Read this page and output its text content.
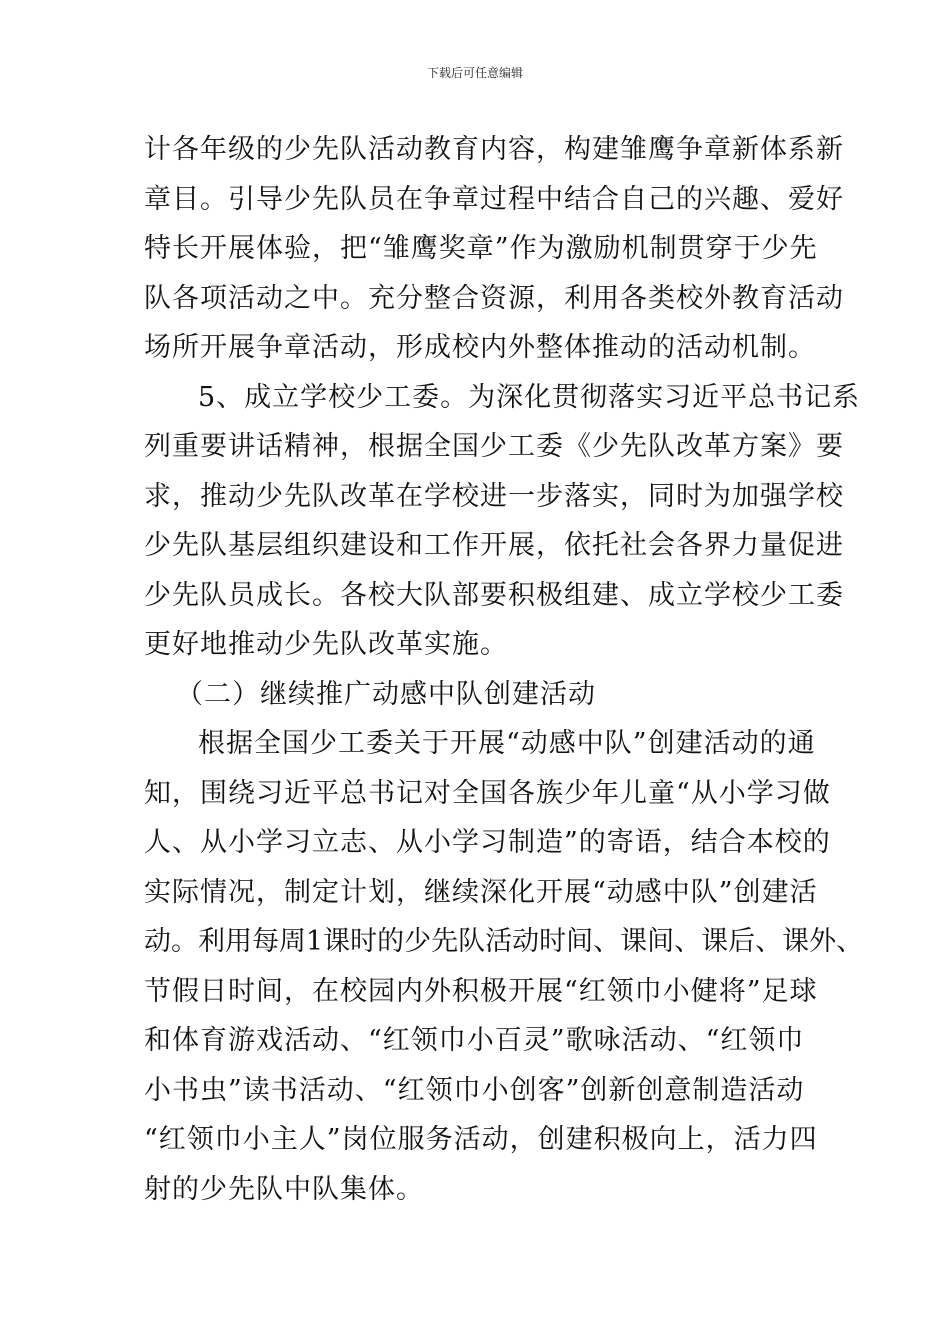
下载后可任意编辑
计各年级的少先队活动教育内容，构建雏鹰争章新体系新
章目。引导少先队员在争章过程中结合自己的兴趣、爱好
特长开展体验，把“雏鹰奖章”作为激励机制贯穿于少先
队各项活动之中。充分整合资源，利用各类校外教育活动
场所开展争章活动，形成校内外整体推动的活动机制。
5、成立学校少工委。为深化贯彻落实习近平总书记系
列重要讲话精神，根据全国少工委《少先队改革方案》要
求，推动少先队改革在学校进一步落实，同时为加强学校
少先队基层组织建设和工作开展，依托社会各界力量促进
少先队员成长。各校大队部要积极组建、成立学校少工委
更好地推动少先队改革实施。
（二）继续推广动感中队创建活动
根据全国少工委关于开展“动感中队”创建活动的通
知，围绕习近平总书记对全国各族少年儿童“从小学习做
人、从小学习立志、从小学习制造”的寄语，结合本校的
实际情况，制定计划，继续深化开展“动感中队”创建活
动。利用每周1课时的少先队活动时间、课间、课后、课外、
节假日时间，在校园内外积极开展“红领巾小健将”足球
和体育游戏活动、“红领巾小百灵”歌咏活动、“红领巾
小书虫”读书活动、“红领巾小创客”创新创意制造活动
“红领巾小主人”岗位服务活动，创建积极向上，活力四
射的少先队中队集体。
